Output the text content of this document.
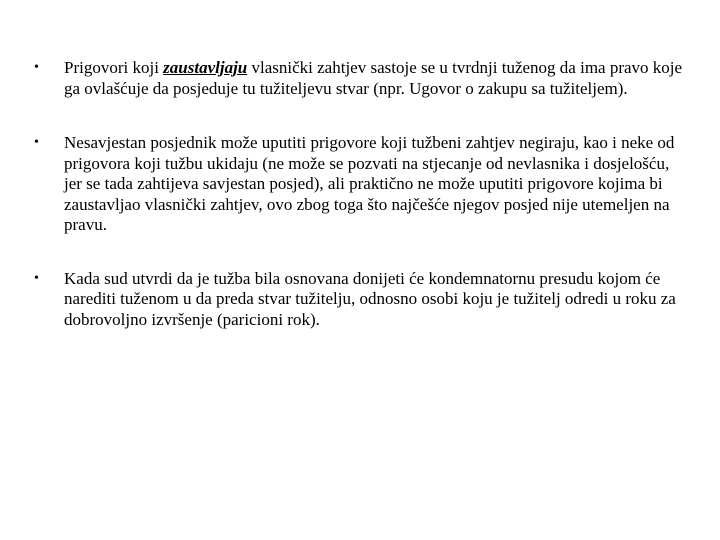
• Prigovori koji zaustavljaju vlasnički zahtjev sastoje se u tvrdnji tuženog da ima pravo koje ga ovlašćuje da posjeduje tu tužiteljevu stvar (npr. Ugovor o zakupu sa tužiteljem).
• Nesavjestan posjednik može uputiti prigovore koji tužbeni zahtjev negiraju, kao i neke od prigovora koji tužbu ukidaju (ne može se pozvati na stjecanje od nevlasnika i dosjelošću, jer se tada zahtijeva savjestan posjed), ali praktično ne može uputiti prigovore kojima bi zaustavljao vlasnički zahtjev, ovo zbog toga što najčešće njegov posjed nije utemeljen na pravu.
• Kada sud utvrdi da je tužba bila osnovana donijeti će kondemnatornu presudu kojom će narediti tuženom u da preda stvar tužitelju, odnosno osobi koju je tužitelj odredi u roku za dobrovoljno izvršenje (paricioni rok).
